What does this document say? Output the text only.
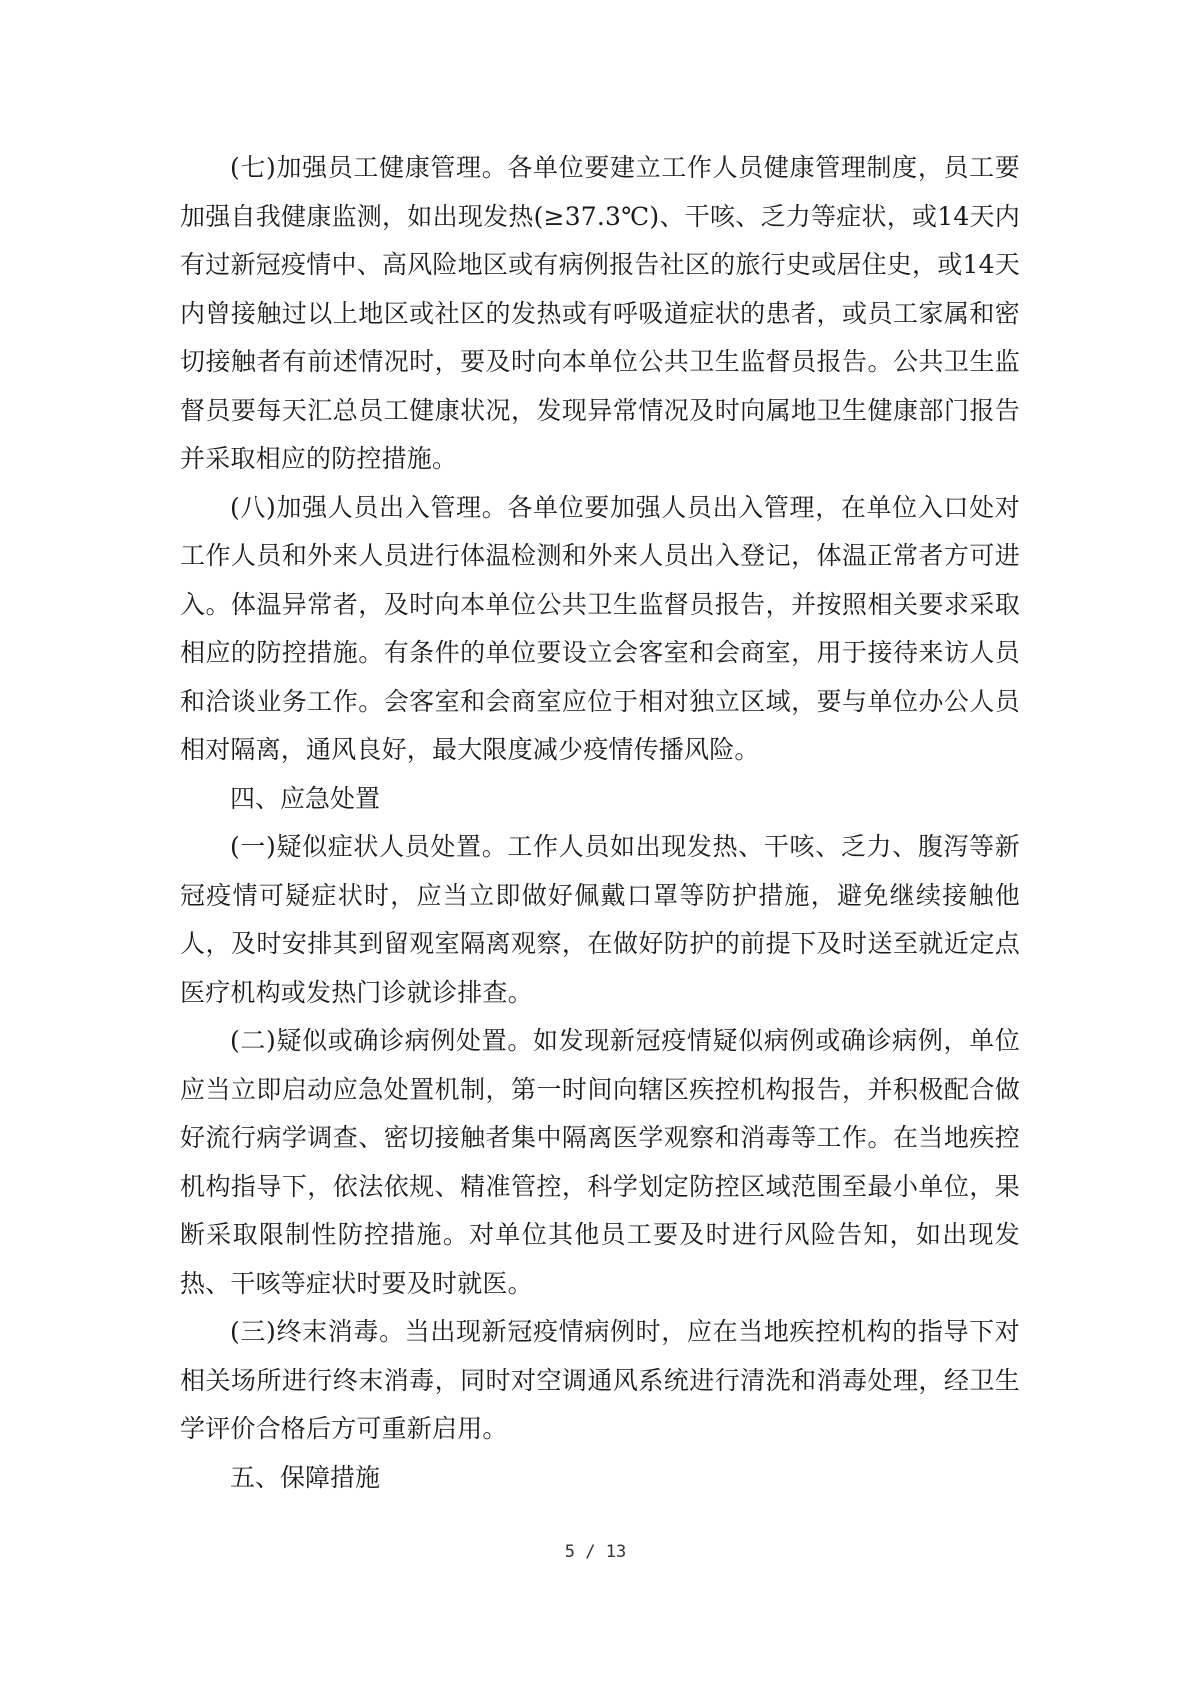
(七)加强员工健康管理。各单位要建立工作人员健康管理制度，员工要加强自我健康监测，如出现发热(≥37.3℃)、干咳、乏力等症状，或14天内有过新冠疫情中、高风险地区或有病例报告社区的旅行史或居住史，或14天内曾接触过以上地区或社区的发热或有呼吸道症状的患者，或员工家属和密切接触者有前述情况时，要及时向本单位公共卫生监督员报告。公共卫生监督员要每天汇总员工健康状况，发现异常情况及时向属地卫生健康部门报告并采取相应的防控措施。

(八)加强人员出入管理。各单位要加强人员出入管理，在单位入口处对工作人员和外来人员进行体温检测和外来人员出入登记，体温正常者方可进入。体温异常者，及时向本单位公共卫生监督员报告，并按照相关要求采取相应的防控措施。有条件的单位要设立会客室和会商室，用于接待来访人员和洽谈业务工作。会客室和会商室应位于相对独立区域，要与单位办公人员相对隔离，通风良好，最大限度减少疫情传播风险。

四、应急处置

(一)疑似症状人员处置。工作人员如出现发热、干咳、乏力、腹泻等新冠疫情可疑症状时，应当立即做好佩戴口罩等防护措施，避免继续接触他人，及时安排其到留观室隔离观察，在做好防护的前提下及时送至就近定点医疗机构或发热门诊就诊排查。

(二)疑似或确诊病例处置。如发现新冠疫情疑似病例或确诊病例，单位应当立即启动应急处置机制，第一时间向辖区疾控机构报告，并积极配合做好流行病学调查、密切接触者集中隔离医学观察和消毒等工作。在当地疾控机构指导下，依法依规、精准管控，科学划定防控区域范围至最小单位，果断采取限制性防控措施。对单位其他员工要及时进行风险告知，如出现发热、干咳等症状时要及时就医。

(三)终末消毒。当出现新冠疫情病例时，应在当地疾控机构的指导下对相关场所进行终末消毒，同时对空调通风系统进行清洗和消毒处理，经卫生学评价合格后方可重新启用。

五、保障措施

5 / 13
